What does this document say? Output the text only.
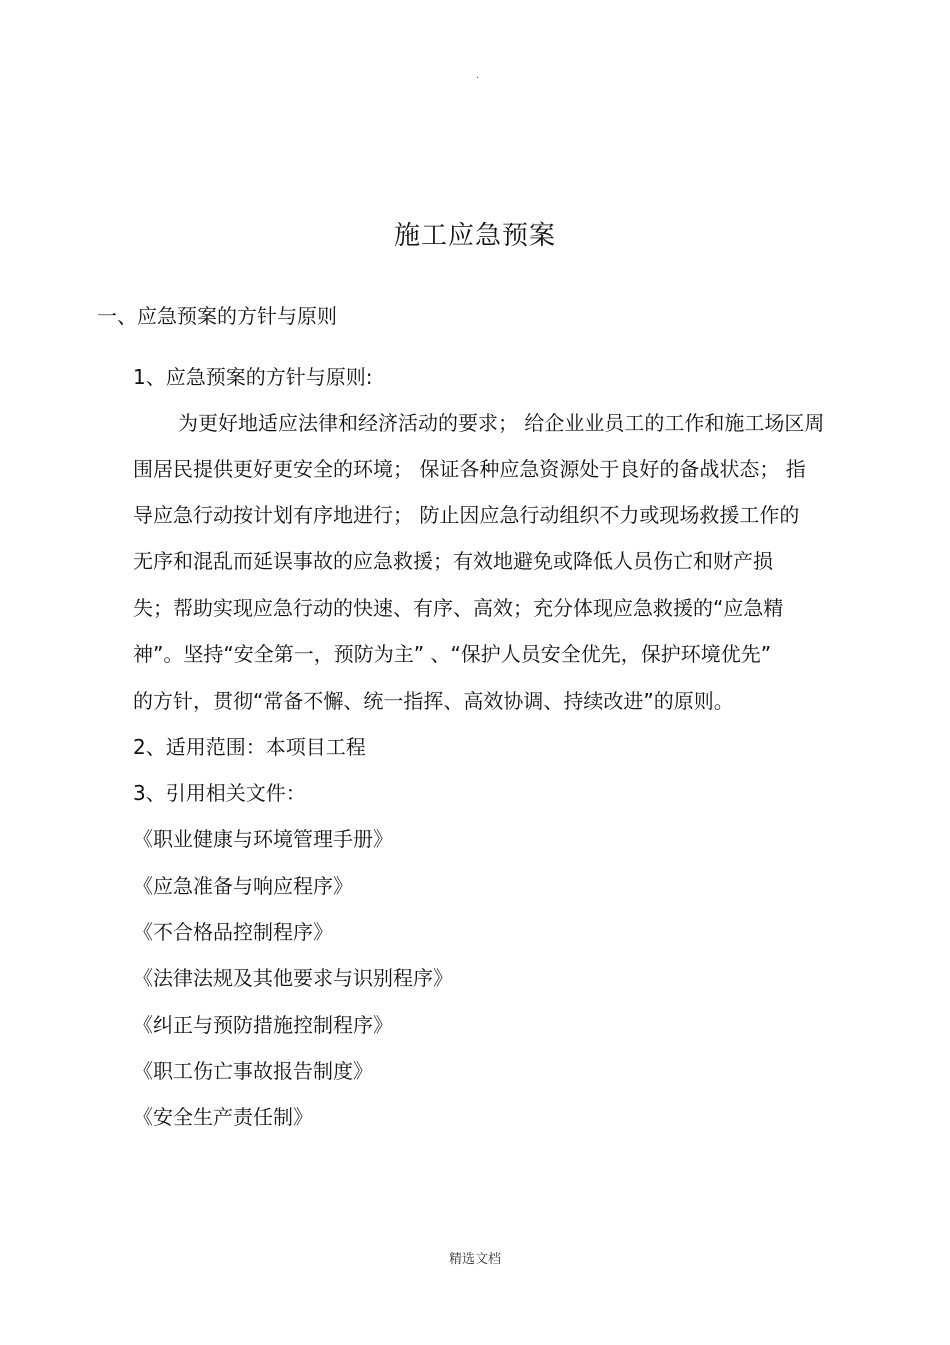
.
施工应急预案
一、应急预案的方针与原则
1、应急预案的方针与原则:
为更好地适应法律和经济活动的要求； 给企业业员工的工作和施工场区周
围居民提供更好更安全的环境； 保证各种应急资源处于良好的备战状态； 指
导应急行动按计划有序地进行； 防止因应急行动组织不力或现场救援工作的
无序和混乱而延误事故的应急救援；有效地避免或降低人员伤亡和财产损
失；帮助实现应急行动的快速、有序、高效；充分体现应急救援的“应急精
神”。坚持“安全第一，预防为主” 、“保护人员安全优先，保护环境优先”
的方针，贯彻“常备不懈、统一指挥、高效协调、持续改进”的原则。
2、适用范围：本项目工程
3、引用相关文件：
《职业健康与环境管理手册》
《应急准备与响应程序》
《不合格品控制程序》
《法律法规及其他要求与识别程序》
《纠正与预防措施控制程序》
《职工伤亡事故报告制度》
《安全生产责任制》
精选文档
